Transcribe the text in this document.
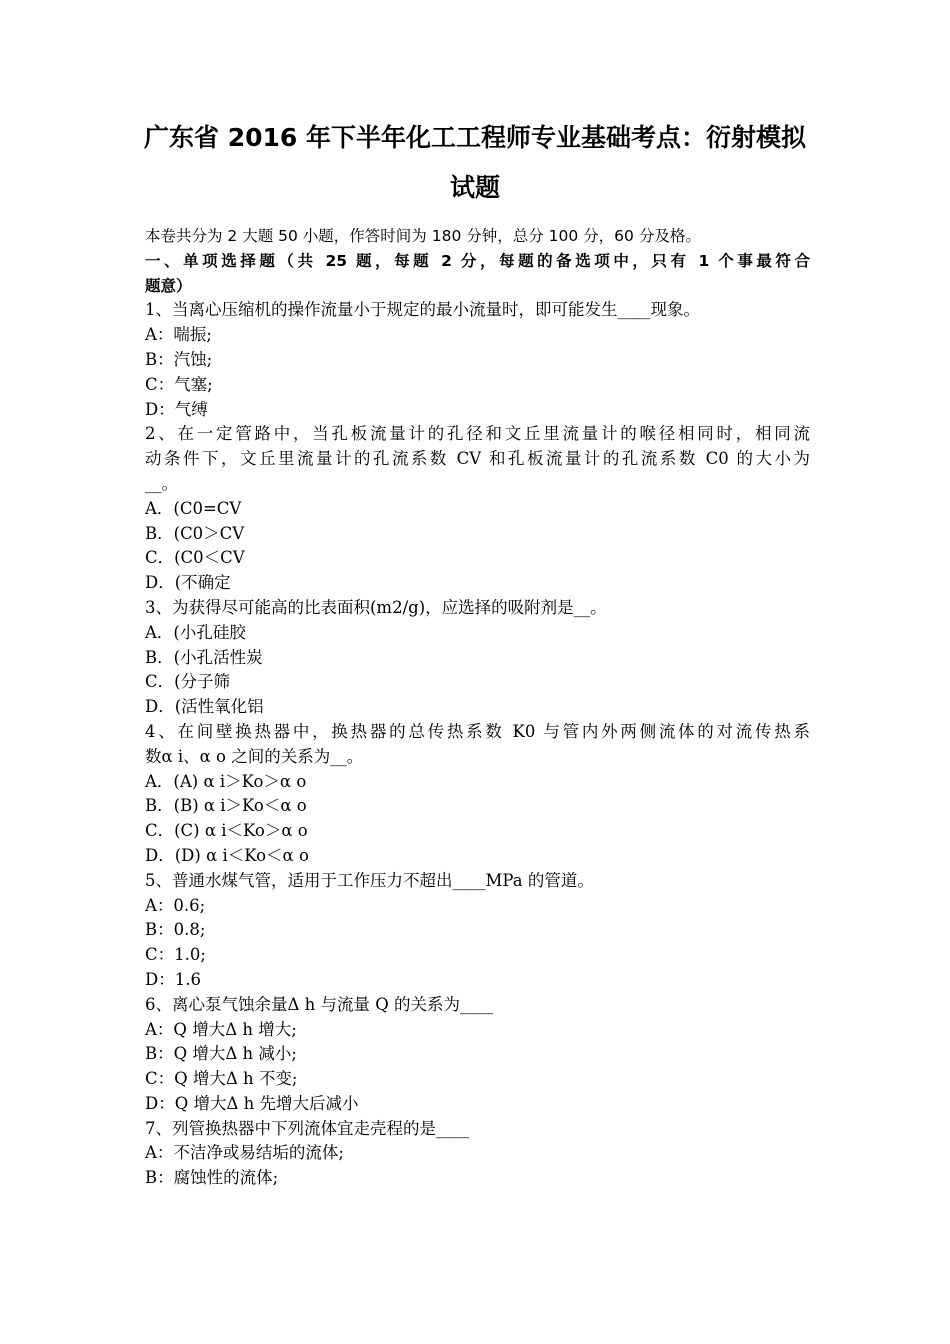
广东省 2016 年下半年化工工程师专业基础考点：衍射模拟
试题
本卷共分为 2 大题 50 小题，作答时间为 180 分钟，总分 100 分，60 分及格。
一、单项选择题（共 25 题，每题 2 分，每题的备选项中，只有 1 个事最符合
题意）
1、当离心压缩机的操作流量小于规定的最小流量时，即可能发生____现象。
A：喘振;
B：汽蚀;
C：气塞;
D：气缚
2、在一定管路中，当孔板流量计的孔径和文丘里流量计的喉径相同时，相同流
动条件下，文丘里流量计的孔流系数 CV 和孔板流量计的孔流系数 C0 的大小为
__。
A．(C0=CV
B．(C0＞CV
C．(C0＜CV
D．(不确定
3、为获得尽可能高的比表面积(m2/g)，应选择的吸附剂是__。
A．(小孔硅胶
B．(小孔活性炭
C．(分子筛
D．(活性氧化铝
4、在间壁换热器中，换热器的总传热系数 K0 与管内外两侧流体的对流传热系
数α i、α o 之间的关系为__。
A．(A) α i＞Ko＞α o
B．(B) α i＞Ko＜α o
C．(C) α i＜Ko＞α o
D．(D) α i＜Ko＜α o
5、普通水煤气管，适用于工作压力不超出____MPa 的管道。
A：0.6;
B：0.8;
C：1.0;
D：1.6
6、离心泵气蚀余量Δ h 与流量 Q 的关系为____
A：Q 增大Δ h 增大;
B：Q 增大Δ h 减小;
C：Q 增大Δ h 不变;
D：Q 增大Δ h 先增大后减小
7、列管换热器中下列流体宜走壳程的是____
A：不洁净或易结垢的流体;
B：腐蚀性的流体;
